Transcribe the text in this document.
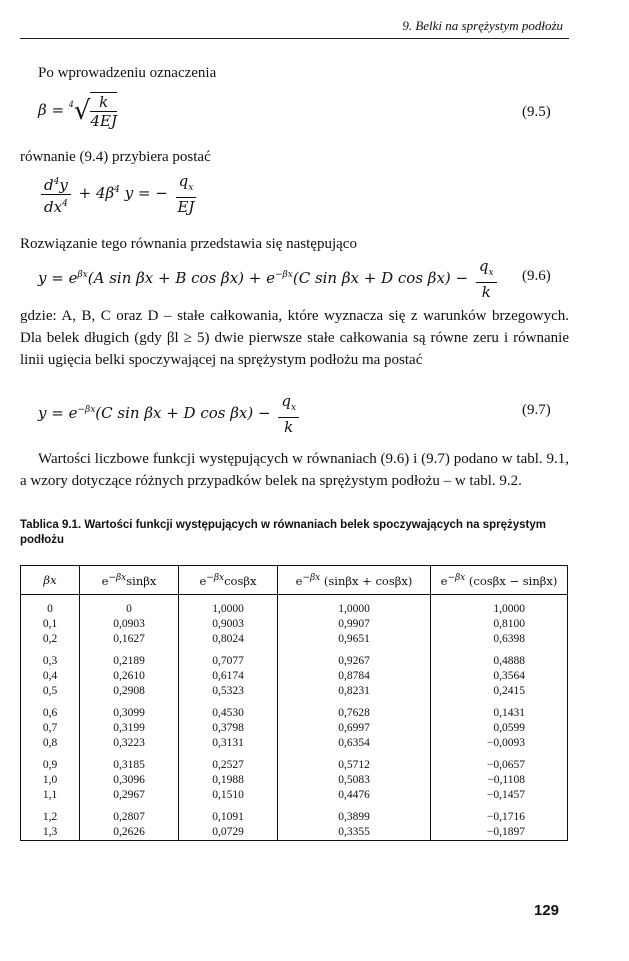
9. Belki na sprężystym podłożu
Po wprowadzeniu oznaczenia
$\beta = ^4√ \frac{k}{4EJ}$	(9.5)
równanie (9.4) przybiera postać
$\frac{d^4y}{dx^4} + 4\beta^4$ y = − $\frac{q_x}{EJ}$
Rozwiązanie tego równania przedstawia się następująco
$y = e^{\beta x}(A$ sin βx + B $\cos \beta x) + e^{-\beta x}(C$ sin βx + D $\cos \beta x) - \frac{q_x}{k} (9.6)$
gdzie: A, B, C oraz D – stałe całkowania, które wyznacza się z warunków brzegowych. Dla belek długich (gdy βl ≥ 5) dwie pierwsze stałe całkowania są równe zeru i równanie linii ugięcia belki spoczywającej na sprężystym podłożu ma postać
$y = e^{-\beta x}(C$ sin βx + D $\cos \beta x) - \frac{q_x}{k}$	(9.7)
Wartości liczbowe funkcji występujących w równaniach (9.6) i (9.7) podano w tabl. 9.1, a wzory dotyczące różnych przypadków belek na sprężystym podłożu – w tabl. 9.2.
Tablica 9.1. Wartości funkcji występujących w równaniach belek spoczywających na sprężystym podłożu
βx	$e^{-\beta x}\sin\beta x$	$e^{-\beta x}\cos\beta x$	$e^{-\beta x}$ (sinβx + cosβx)	$e^{-\beta x}$ (cosβx − sinβx)

0	0	1,0000	1,0000	1,0000
0,1	0,0903	0,9003	0,9907	0,8100
0,2	0,1627	0,8024	0,9651	0,6398

0,3	0,2189	0,7077	0,9267	0,4888
0,4	0,2610	0,6174	0,8784	0,3564
0,5	0,2908	0,5323	0,8231	0,2415

0,6	0,3099	0,4530	0,7628	0,1431
0,7	0,3199	0,3798	0,6997	0,0599
0,8	0,3223	0,3131	0,6354	−0,0093

0,9	0,3185	0,2527	0,5712	−0,0657
1,0	0,3096	0,1988	0,5083	−0,1108
1,1	0,2967	0,1510	0,4476	−0,1457

1,2	0,2807	0,1091	0,3899	−0,1716
1,3	0,2626	0,0729	0,3355	−0,1897
129
